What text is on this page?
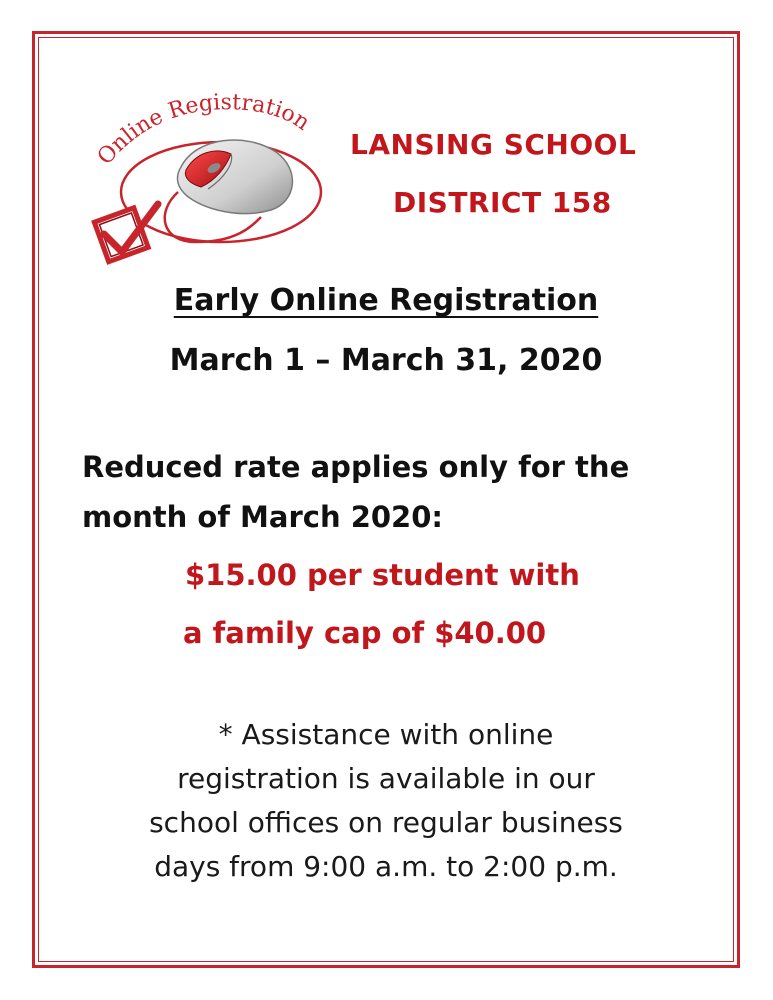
Online Registration
LANSING SCHOOL
DISTRICT 158
Early Online Registration
March 1 – March 31, 2020
Reduced rate applies only for the
month of March 2020:
$15.00 per student with
a family cap of $40.00
* Assistance with online
registration is available in our
school offices on regular business
days from 9:00 a.m. to 2:00 p.m.
